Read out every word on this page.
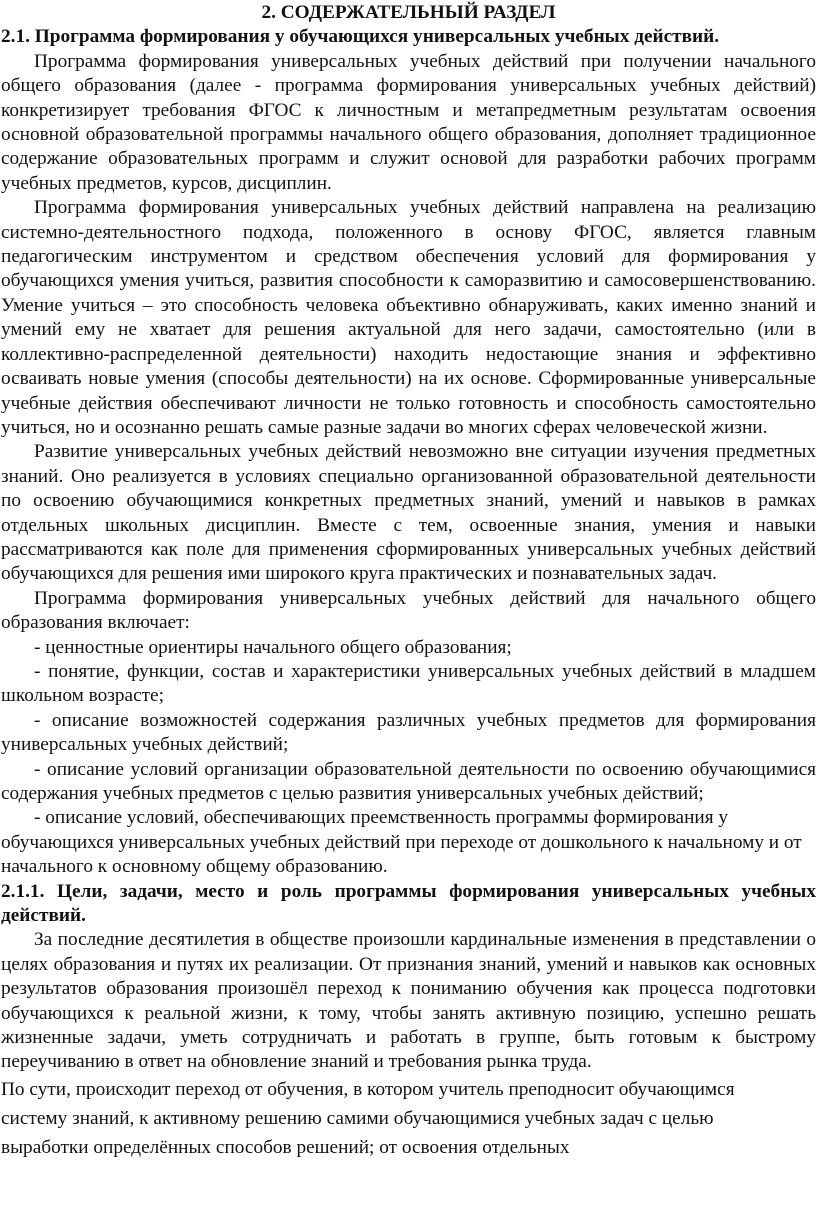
2. СОДЕРЖАТЕЛЬНЫЙ РАЗДЕЛ
2.1. Программа формирования у обучающихся универсальных учебных действий.

Программа формирования универсальных учебных действий при получении начального общего образования (далее - программа формирования универсальных учебных действий) конкретизирует требования ФГОС к личностным и метапредметным результатам освоения основной образовательной программы начального общего образования, дополняет традиционное содержание образовательных программ и служит основой для разработки рабочих программ учебных предметов, курсов, дисциплин.

Программа формирования универсальных учебных действий направлена на реализацию системно-деятельностного подхода, положенного в основу ФГОС, является главным педагогическим инструментом и средством обеспечения условий для формирования у обучающихся умения учиться, развития способности к саморазвитию и самосовершенствованию. Умение учиться – это способность человека объективно обнаруживать, каких именно знаний и умений ему не хватает для решения актуальной для него задачи, самостоятельно (или в коллективно-распределенной деятельности) находить недостающие знания и эффективно осваивать новые умения (способы деятельности) на их основе. Сформированные универсальные учебные действия обеспечивают личности не только готовность и способность самостоятельно учиться, но и осознанно решать самые разные задачи во многих сферах человеческой жизни.

Развитие универсальных учебных действий невозможно вне ситуации изучения предметных знаний. Оно реализуется в условиях специально организованной образовательной деятельности по освоению обучающимися конкретных предметных знаний, умений и навыков в рамках отдельных школьных дисциплин. Вместе с тем, освоенные знания, умения и навыки рассматриваются как поле для применения сформированных универсальных учебных действий обучающихся для решения ими широкого круга практических и познавательных задач.

Программа формирования универсальных учебных действий для начального общего образования включает:

- ценностные ориентиры начального общего образования;

- понятие, функции, состав и характеристики универсальных учебных действий в младшем школьном возрасте;

- описание возможностей содержания различных учебных предметов для формирования универсальных учебных действий;

- описание условий организации образовательной деятельности по освоению обучающимися содержания учебных предметов с целью развития универсальных учебных действий;

- описание условий, обеспечивающих преемственность программы формирования у обучающихся универсальных учебных действий при переходе от дошкольного к начальному и от начального к основному общему образованию.

2.1.1. Цели, задачи, место и роль программы формирования универсальных учебных действий.

За последние десятилетия в обществе произошли кардинальные изменения в представлении о целях образования и путях их реализации. От признания знаний, умений и навыков как основных результатов образования произошёл переход к пониманию обучения как процесса подготовки обучающихся к реальной жизни, к тому, чтобы занять активную позицию, успешно решать жизненные задачи, уметь сотрудничать и работать в группе, быть готовым к быстрому переучиванию в ответ на обновление знаний и требования рынка труда.

По сути, происходит переход от обучения, в котором учитель преподносит обучающимся
систему знаний, к активному решению самими обучающимися учебных задач с целью
выработки определённых способов решений; от освоения отдельных
